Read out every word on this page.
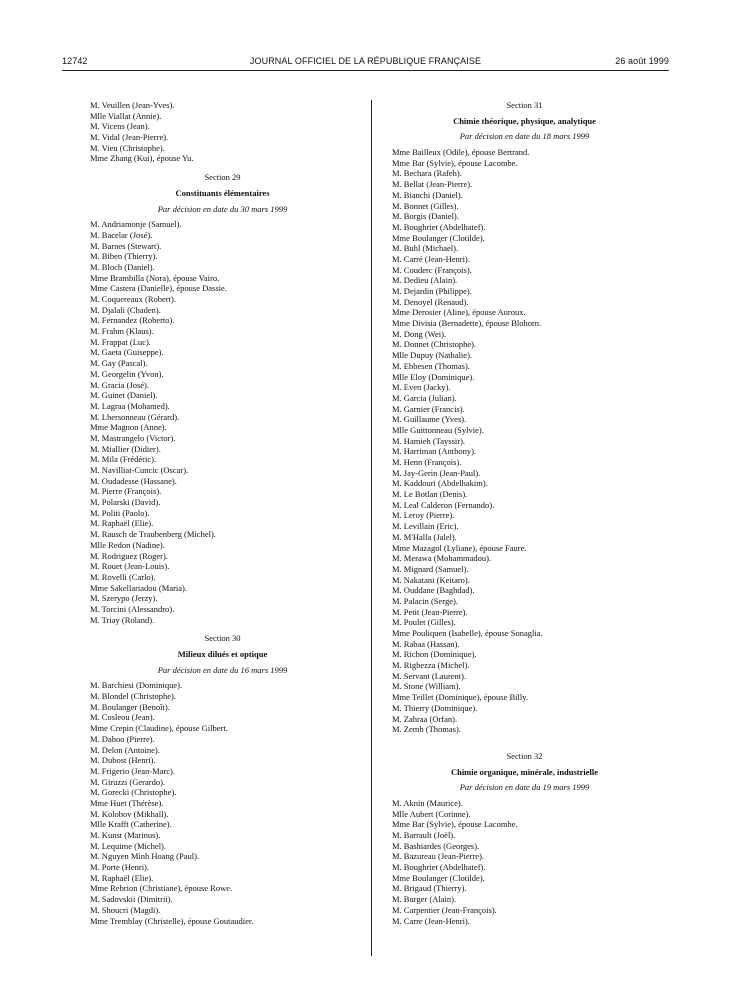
12742	JOURNAL OFFICIEL DE LA RÉPUBLIQUE FRANÇAISE	26 août 1999
M. Veuillen (Jean-Yves).
Mlle Viallat (Annie).
M. Vicens (Jean).
M. Vidal (Jean-Pierre).
M. Vieu (Christophe).
Mme Zhang (Kui), épouse Yu.
Section 29
Constituants élémentaires
Par décision en date du 30 mars 1999
M. Andriamonje (Samuel).
M. Bacelar (José).
M. Barnes (Stewart).
M. Biben (Thierry).
M. Bloch (Daniel).
Mme Brambilla (Nora), épouse Vairo.
Mme Castera (Danielle), épouse Dassie.
M. Coquereaux (Robert).
M. Djalali (Chaden).
M. Fernandez (Roberto).
M. Frahm (Klaus).
M. Frappat (Luc).
M. Gaeta (Guiseppe).
M. Gay (Pascal).
M. Georgelin (Yvon).
M. Gracia (José).
M. Guinet (Daniel).
M. Lagraa (Mohamed).
M. Lhersonneau (Gérard).
Mme Magnon (Anne).
M. Mastrangelo (Victor).
M. Miallier (Didier).
M. Mila (Frédéric).
M. Navilliat-Cuncic (Oscar).
M. Oudadesse (Hassane).
M. Pierre (François).
M. Polarski (David).
M. Politi (Paolo).
M. Raphaël (Elie).
M. Rausch de Traubenberg (Michel).
Mlle Redon (Nadine).
M. Rodriguez (Roger).
M. Rouet (Jean-Louis).
M. Rovelli (Carlo).
Mme Sakellariadou (Maria).
M. Szerypo (Jerzy).
M. Torcini (Alessandro).
M. Triay (Roland).
Section 30
Milieux dilués et optique
Par décision en date du 16 mars 1999
M. Barchiesi (Dominique).
M. Blondel (Christophe).
M. Boulanger (Benoît).
M. Cosleou (Jean).
Mme Crepin (Claudine), épouse Gilbert.
M. Dahoo (Pierre).
M. Delon (Antoine).
M. Dubost (Henri).
M. Frigerio (Jean-Marc).
M. Giruzzi (Gerardo).
M. Gorecki (Christophe).
Mme Huet (Thérèse).
M. Kolobov (Mikhaïl).
Mlle Krafft (Catherine).
M. Kunst (Marinus).
M. Lequime (Michel).
M. Nguyen Minh Hoang (Paul).
M. Porte (Henri).
M. Raphaël (Elie).
Mme Rebrion (Christiane), épouse Rowe.
M. Sadovskii (Dimitrii).
M. Shoucri (Magdi).
Mme Tremblay (Christelle), épouse Goutaudier.
Section 31
Chimie théorique, physique, analytique
Par décision en date du 18 mars 1999
Mme Bailleux (Odile), épouse Bertrand.
Mme Bar (Sylvie), épouse Lacombe.
M. Bechara (Rafeh).
M. Bellat (Jean-Pierre).
M. Bianchi (Daniel).
M. Bonnet (Gilles).
M. Borgis (Daniel).
M. Boughriet (Abdelhatef).
Mme Boulanger (Clotilde).
M. Buhl (Michael).
M. Carré (Jean-Henri).
M. Couderc (François).
M. Dedieu (Alain).
M. Dejardin (Philippe).
M. Denoyel (Renaud).
Mme Derosier (Aline), épouse Auroux.
Mme Divisia (Bernadette), épouse Blohorn.
M. Dong (Wei).
M. Donnet (Christophe).
Mlle Dupuy (Nathalie).
M. Ebbesen (Thomas).
Mlle Eloy (Dominique).
M. Even (Jacky).
M. Garcia (Julian).
M. Garnier (Francis).
M. Guillaume (Yves).
Mlle Guittonneau (Sylvie).
M. Hamieh (Tayssir).
M. Harriman (Anthony).
M. Henn (François).
M. Jay-Gerin (Jean-Paul).
M. Kaddouri (Abdelhakim).
M. Le Botlan (Denis).
M. Leal Calderon (Fernando).
M. Leroy (Pierre).
M. Levillain (Eric).
M. M'Halla (Jalel).
Mme Mazagol (Lyliane), épouse Faure.
M. Merawa (Mohammadou).
M. Mignard (Samuel).
M. Nakatani (Keitaro).
M. Ouddane (Baghdad).
M. Palacin (Serge).
M. Petit (Jean-Pierre).
M. Poulet (Gilles).
Mme Pouliquen (Isabelle), épouse Sonaglia.
M. Rabaa (Hassan).
M. Richon (Dominique).
M. Righezza (Michel).
M. Servant (Laurent).
M. Stone (William).
Mme Teillet (Dominique), épouse Billy.
M. Thierry (Dominique).
M. Zahraa (Orfan).
M. Zemb (Thomas).
Section 32
Chimie organique, minérale, industrielle
Par décision en date du 19 mars 1999
M. Aknin (Maurice).
Mlle Aubert (Corinne).
Mme Bar (Sylvie), épouse Lacombe.
M. Barrault (Joël).
M. Bashiardes (Georges).
M. Bazureau (Jean-Pierre).
M. Boughriet (Abdelhatef).
Mme Boulanger (Clotilde).
M. Brigaud (Thierry).
M. Burger (Alain).
M. Carpentier (Jean-François).
M. Carre (Jean-Henri).
